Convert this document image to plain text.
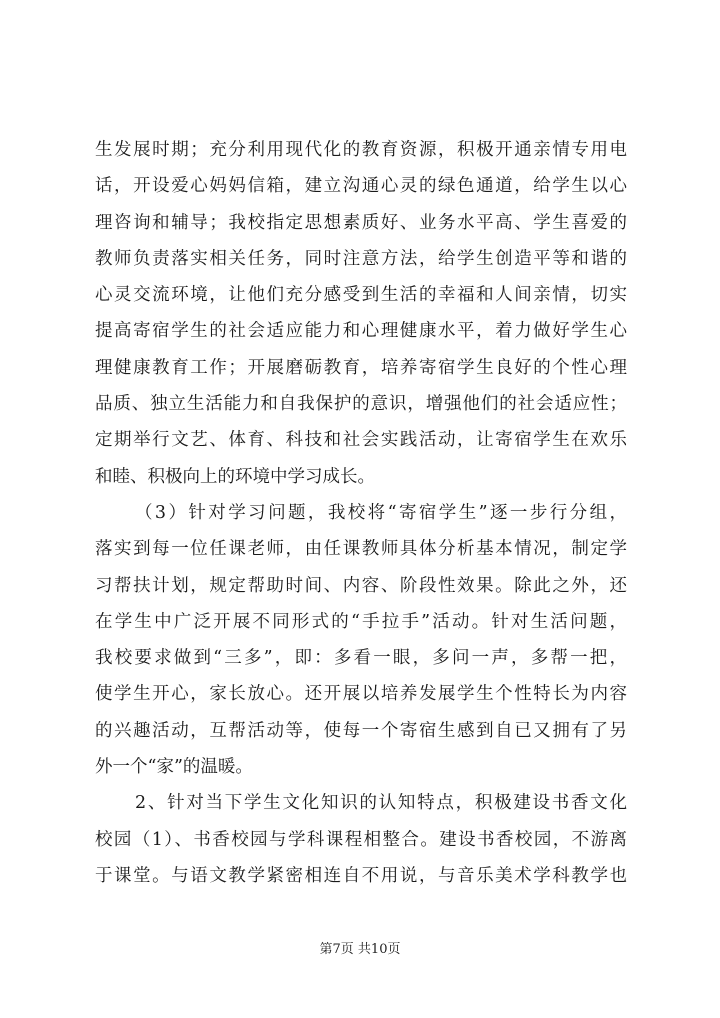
生发展时期；充分利用现代化的教育资源，积极开通亲情专用电
话，开设爱心妈妈信箱，建立沟通心灵的绿色通道，给学生以心
理咨询和辅导；我校指定思想素质好、业务水平高、学生喜爱的
教师负责落实相关任务，同时注意方法，给学生创造平等和谐的
心灵交流环境，让他们充分感受到生活的幸福和人间亲情，切实
提高寄宿学生的社会适应能力和心理健康水平，着力做好学生心
理健康教育工作；开展磨砺教育，培养寄宿学生良好的个性心理
品质、独立生活能力和自我保护的意识，增强他们的社会适应性；
定期举行文艺、体育、科技和社会实践活动，让寄宿学生在欢乐
和睦、积极向上的环境中学习成长。
（3）针对学习问题，我校将“寄宿学生”逐一步行分组，
落实到每一位任课老师，由任课教师具体分析基本情况，制定学
习帮扶计划，规定帮助时间、内容、阶段性效果。除此之外，还
在学生中广泛开展不同形式的“手拉手”活动。针对生活问题，
我校要求做到“三多”，即：多看一眼，多问一声，多帮一把，
使学生开心，家长放心。还开展以培养发展学生个性特长为内容
的兴趣活动，互帮活动等，使每一个寄宿生感到自已又拥有了另
外一个“家”的温暖。
2、针对当下学生文化知识的认知特点，积极建设书香文化
校园（1）、书香校园与学科课程相整合。建设书香校园，不游离
于课堂。与语文教学紧密相连自不用说，与音乐美术学科教学也
第7页 共10页
